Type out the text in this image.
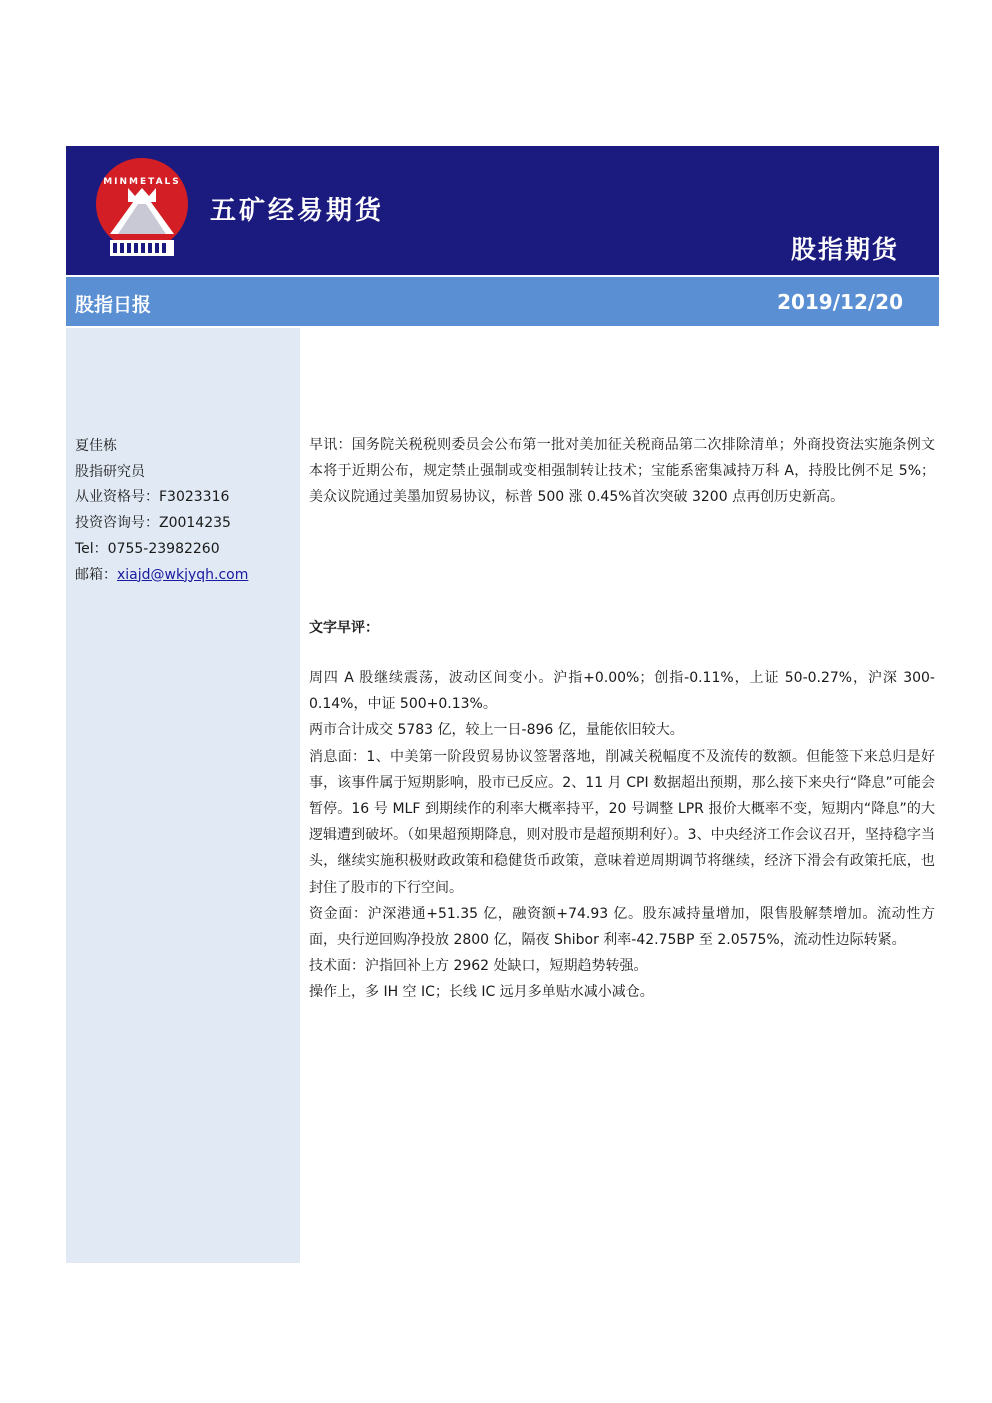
MINMETALS
五矿经易期货
股指期货
股指日报	2019/12/20
夏佳栋
股指研究员
从业资格号：F3023316
投资咨询号：Z0014235
Tel：0755-23982260
邮箱：xiajd@wkjyqh.com

早讯：国务院关税税则委员会公布第一批对美加征关税商品第二次排除清单；外商投资法实施条例文本将于近期公布，规定禁止强制或变相强制转让技术；宝能系密集减持万科 A，持股比例不足 5%；美众议院通过美墨加贸易协议，标普 500 涨 0.45%首次突破 3200 点再创历史新高。

文字早评：

周四 A 股继续震荡，波动区间变小。沪指+0.00%；创指-0.11%，上证 50-0.27%，沪深 300-0.14%，中证 500+0.13%。

两市合计成交 5783 亿，较上一日-896 亿，量能依旧较大。

消息面：1、中美第一阶段贸易协议签署落地，削减关税幅度不及流传的数额。但能签下来总归是好事，该事件属于短期影响，股市已反应。2、11 月 CPI 数据超出预期，那么接下来央行“降息”可能会暂停。16 号 MLF 到期续作的利率大概率持平，20 号调整 LPR 报价大概率不变，短期内“降息”的大逻辑遭到破坏。（如果超预期降息，则对股市是超预期利好）。3、中央经济工作会议召开，坚持稳字当头，继续实施积极财政政策和稳健货币政策，意味着逆周期调节将继续，经济下滑会有政策托底，也封住了股市的下行空间。

资金面：沪深港通+51.35 亿，融资额+74.93 亿。股东减持量增加，限售股解禁增加。流动性方面，央行逆回购净投放 2800 亿，隔夜 Shibor 利率-42.75BP 至 2.0575%，流动性边际转紧。

技术面：沪指回补上方 2962 处缺口，短期趋势转强。

操作上，多 IH 空 IC；长线 IC 远月多单贴水减小减仓。
